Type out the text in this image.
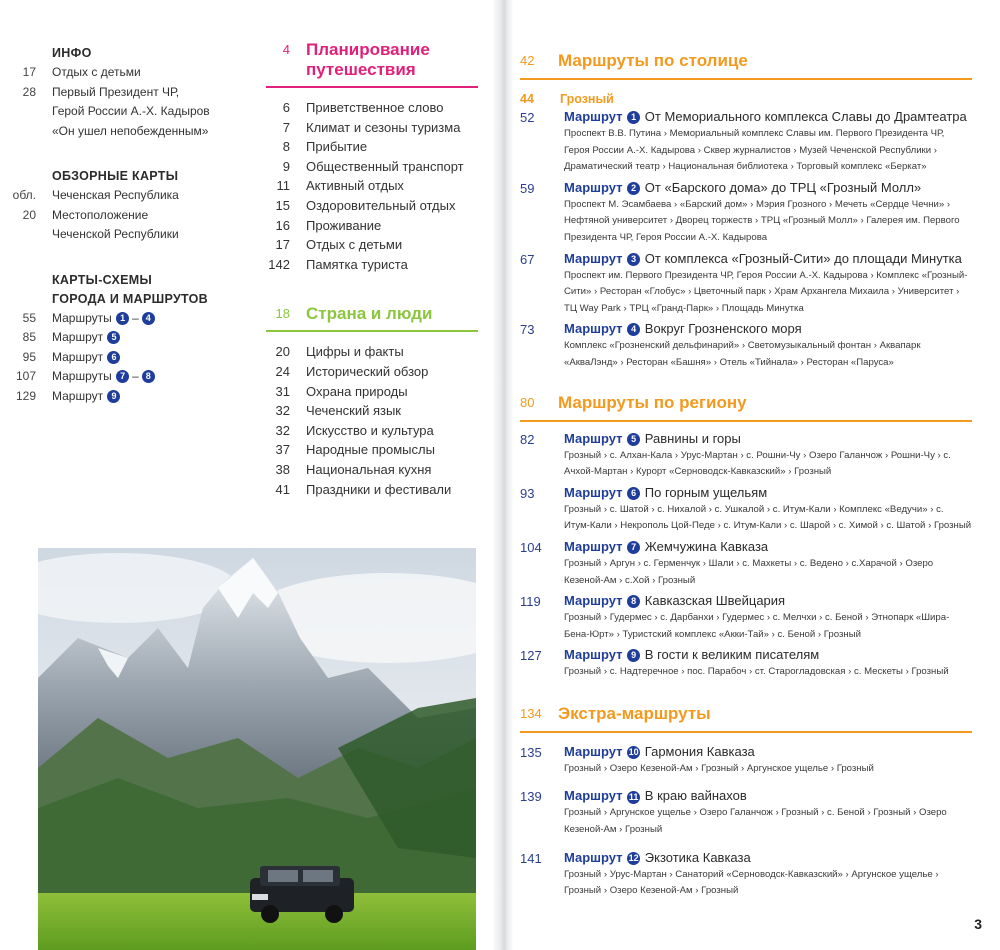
ИНФО
17	Отдых с детьми
28	Первый Президент ЧР,
Герой России А.-Х. Кадыров
«Он ушел непобежденным»
ОБЗОРНЫЕ КАРТЫ
обл.	Чеченская Республика
20	Местоположение
Чеченской Республики
КАРТЫ-СХЕМЫ
ГОРОДА И МАРШРУТОВ
55	Маршруты 1 – 4
85	Маршрут 5
95	Маршрут 6
107	Маршруты 7 – 8
129	Маршрут 9
4 Планирование
путешествия
6	Приветственное слово
7	Климат и сезоны туризма
8	Прибытие
9	Общественный транспорт
11	Активный отдых
15	Оздоровительный отдых
16	Проживание
17	Отдых с детьми
142	Памятка туриста
18 Страна и люди
20	Цифры и факты
24	Исторический обзор
31	Охрана природы
32	Чеченский язык
32	Искусство и культура
37	Народные промыслы
38	Национальная кухня
41	Праздники и фестивали
42	Маршруты по столице
44	Грозный
52	Маршрут 1 От Мемориального комплекса Славы до Драмтеатра
Проспект В.В. Путина › Мемориальный комплекс Славы им. Первого Президента ЧР, Героя России А.-Х. Кадырова › Сквер журналистов › Музей Чеченской Республики › Драматический театр › Национальная библиотека › Торговый комплекс «Беркат»
59	Маршрут 2 От «Барского дома» до ТРЦ «Грозный Молл»
Проспект М. Эсамбаева › «Барский дом» › Мэрия Грозного › Мечеть «Сердце Чечни» › Нефтяной университет › Дворец торжеств › ТРЦ «Грозный Молл» › Галерея им. Первого Президента ЧР, Героя России А.-Х. Кадырова
67	Маршрут 3 От комплекса «Грозный-Сити» до площади Минутка
Проспект им. Первого Президента ЧР, Героя России А.-Х. Кадырова › Комплекс «Грозный-Сити» › Ресторан «Глобус» › Цветочный парк › Храм Архангела Михаила › Университет › ТЦ Way Park › ТРЦ «Гранд-Парк» › Площадь Минутка
73	Маршрут 4 Вокруг Грозненского моря
Комплекс «Грозненский дельфинарий» › Светомузыкальный фонтан › Аквапарк «АкваЛэнд» › Ресторан «Башня» › Отель «Тийнала» › Ресторан «Паруса»
80	Маршруты по региону
82	Маршрут 5 Равнины и горы
Грозный › с. Алхан-Кала › Урус-Мартан › с. Рошни-Чу › Озеро Галанчож › Рошни-Чу › с. Ачхой-Мартан › Курорт «Серноводск-Кавказский» › Грозный
93	Маршрут 6 По горным ущельям
Грозный › с. Шатой › с. Нихалой › с. Ушкалой › с. Итум-Кали › Комплекс «Ведучи» › с. Итум-Кали › Некрополь Цой-Педе › с. Итум-Кали › с. Шарой › с. Химой › с. Шатой › Грозный
104	Маршрут 7 Жемчужина Кавказа
Грозный › Аргун › с. Герменчук › Шали › с. Махкеты › с. Ведено › с.Харачой › Озеро Кезеной-Ам › с.Хой › Грозный
119	Маршрут 8 Кавказская Швейцария
Грозный › Гудермес › с. Дарбанхи › Гудермес › с. Мелчхи › с. Беной › Этнопарк «Шира-Бена-Юрт» › Туристский комплекс «Акки-Тай» › с. Беной › Грозный
127	Маршрут 9 В гости к великим писателям
Грозный › с. Надтеречное › пос. Парабоч › ст. Старогладовская › с. Мескеты › Грозный
134 Экстра-маршруты
135	Маршрут 10 Гармония Кавказа
Грозный › Озеро Кезеной-Ам › Грозный › Аргунское ущелье › Грозный
139	Маршрут 11 В краю вайнахов
Грозный › Аргунское ущелье › Озеро Галанчож › Грозный › с. Беной › Грозный › Озеро Кезеной-Ам › Грозный
141	Маршрут 12 Экзотика Кавказа
Грозный › Урус-Мартан › Санаторий «Серноводск-Кавказский» › Аргунское ущелье › Грозный › Озеро Кезеной-Ам › Грозный
3
